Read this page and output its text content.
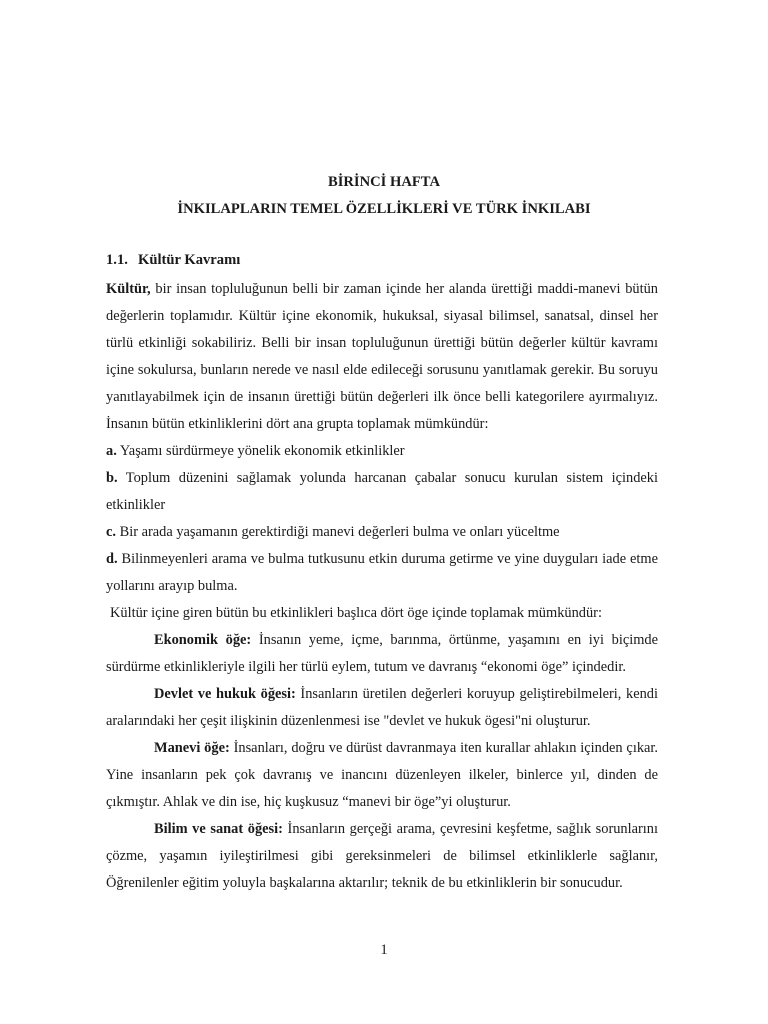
BİRİNCİ HAFTA
İNKILAPLARIN TEMEL ÖZELLİKLERİ VE TÜRK İNKILABI
1.1. Kültür Kavramı

Kültür, bir insan topluluğunun belli bir zaman içinde her alanda ürettiği maddi-manevi bütün değerlerin toplamıdır. Kültür içine ekonomik, hukuksal, siyasal bilimsel, sanatsal, dinsel her türlü etkinliği sokabiliriz. Belli bir insan topluluğunun ürettiği bütün değerler kültür kavramı içine sokulursa, bunların nerede ve nasıl elde edileceği sorusunu yanıtlamak gerekir. Bu soruyu yanıtlayabilmek için de insanın ürettiği bütün değerleri ilk önce belli kategorilere ayırmalıyız. İnsanın bütün etkinliklerini dört ana grupta toplamak mümkündür:

a. Yaşamı sürdürmeye yönelik ekonomik etkinlikler

b. Toplum düzenini sağlamak yolunda harcanan çabalar sonucu kurulan sistem içindeki etkinlikler

c. Bir arada yaşamanın gerektirdiği manevi değerleri bulma ve onları yüceltme

d. Bilinmeyenleri arama ve bulma tutkusunu etkin duruma getirme ve yine duyguları iade etme yollarını arayıp bulma.

Kültür içine giren bütün bu etkinlikleri başlıca dört öge içinde toplamak mümkündür:

Ekonomik öğe: İnsanın yeme, içme, barınma, örtünme, yaşamını en iyi biçimde sürdürme etkinlikleriyle ilgili her türlü eylem, tutum ve davranış “ekonomi öge” içindedir.

Devlet ve hukuk öğesi: İnsanların üretilen değerleri koruyup geliştirebilmeleri, kendi aralarındaki her çeşit ilişkinin düzenlenmesi ise "devlet ve hukuk ögesi"ni oluşturur.

Manevi öğe: İnsanları, doğru ve dürüst davranmaya iten kurallar ahlakın içinden çıkar. Yine insanların pek çok davranış ve inancını düzenleyen ilkeler, binlerce yıl, dinden de çıkmıştır. Ahlak ve din ise, hiç kuşkusuz “manevi bir öge”yi oluşturur.

Bilim ve sanat öğesi: İnsanların gerçeği arama, çevresini keşfetme, sağlık sorunlarını çözme, yaşamın iyileştirilmesi gibi gereksinmeleri de bilimsel etkinliklerle sağlanır, Öğrenilenler eğitim yoluyla başkalarına aktarılır; teknik de bu etkinliklerin bir sonucudur.

1
